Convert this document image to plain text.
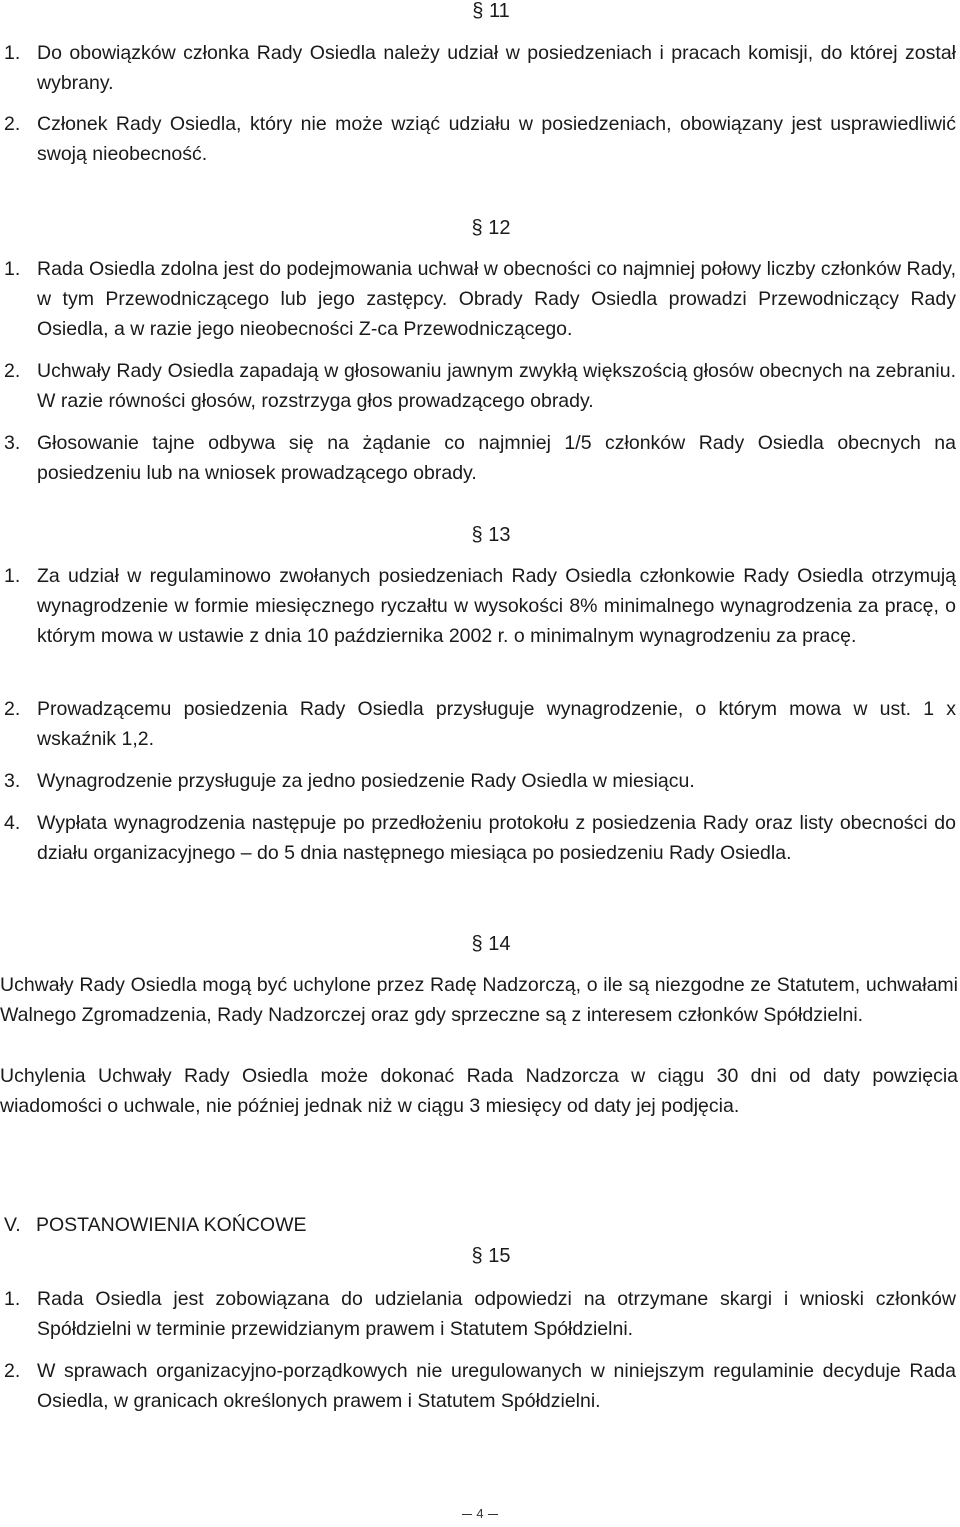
§ 11
1. Do obowiązków członka Rady Osiedla należy udział w posiedzeniach i pracach komisji, do której został wybrany.
2. Członek Rady Osiedla, który nie może wziąć udziału w posiedzeniach, obowiązany jest usprawiedliwić swoją nieobecność.
§ 12
1. Rada Osiedla zdolna jest do podejmowania uchwał w obecności co najmniej połowy liczby członków Rady, w tym Przewodniczącego lub jego zastępcy. Obrady Rady Osiedla prowadzi Przewodniczący Rady Osiedla, a w razie jego nieobecności Z-ca Przewodniczącego.
2. Uchwały Rady Osiedla zapadają w głosowaniu jawnym zwykłą większością głosów obecnych na zebraniu. W razie równości głosów, rozstrzyga głos prowadzącego obrady.
3. Głosowanie tajne odbywa się na żądanie co najmniej 1/5 członków Rady Osiedla obecnych na posiedzeniu lub na wniosek prowadzącego obrady.
§ 13
1. Za udział w regulaminowo zwołanych posiedzeniach Rady Osiedla członkowie Rady Osiedla otrzymują wynagrodzenie w formie miesięcznego ryczałtu w wysokości 8% minimalnego wynagrodzenia za pracę, o którym mowa w ustawie z dnia 10 października 2002 r. o minimalnym wynagrodzeniu za pracę.
2. Prowadzącemu posiedzenia Rady Osiedla przysługuje wynagrodzenie, o którym mowa w ust. 1 x wskaźnik 1,2.
3. Wynagrodzenie przysługuje za jedno posiedzenie Rady Osiedla w miesiącu.
4. Wypłata wynagrodzenia następuje po przedłożeniu protokołu z posiedzenia Rady oraz listy obecności do działu organizacyjnego – do 5 dnia następnego miesiąca po posiedzeniu Rady Osiedla.
§ 14
Uchwały Rady Osiedla mogą być uchylone przez Radę Nadzorczą, o ile są niezgodne ze Statutem, uchwałami Walnego Zgromadzenia, Rady Nadzorczej oraz gdy sprzeczne są z interesem członków Spółdzielni.
Uchylenia Uchwały Rady Osiedla może dokonać Rada Nadzorcza w ciągu 30 dni od daty powzięcia wiadomości o uchwale, nie później jednak niż w ciągu 3 miesięcy od daty jej podjęcia.
V. POSTANOWIENIA KOŃCOWE
§ 15
1. Rada Osiedla jest zobowiązana do udzielania odpowiedzi na otrzymane skargi i wnioski członków Spółdzielni w terminie przewidzianym prawem i Statutem Spółdzielni.
2. W sprawach organizacyjno-porządkowych nie uregulowanych w niniejszym regulaminie decyduje Rada Osiedla, w granicach określonych prawem i Statutem Spółdzielni.
4
